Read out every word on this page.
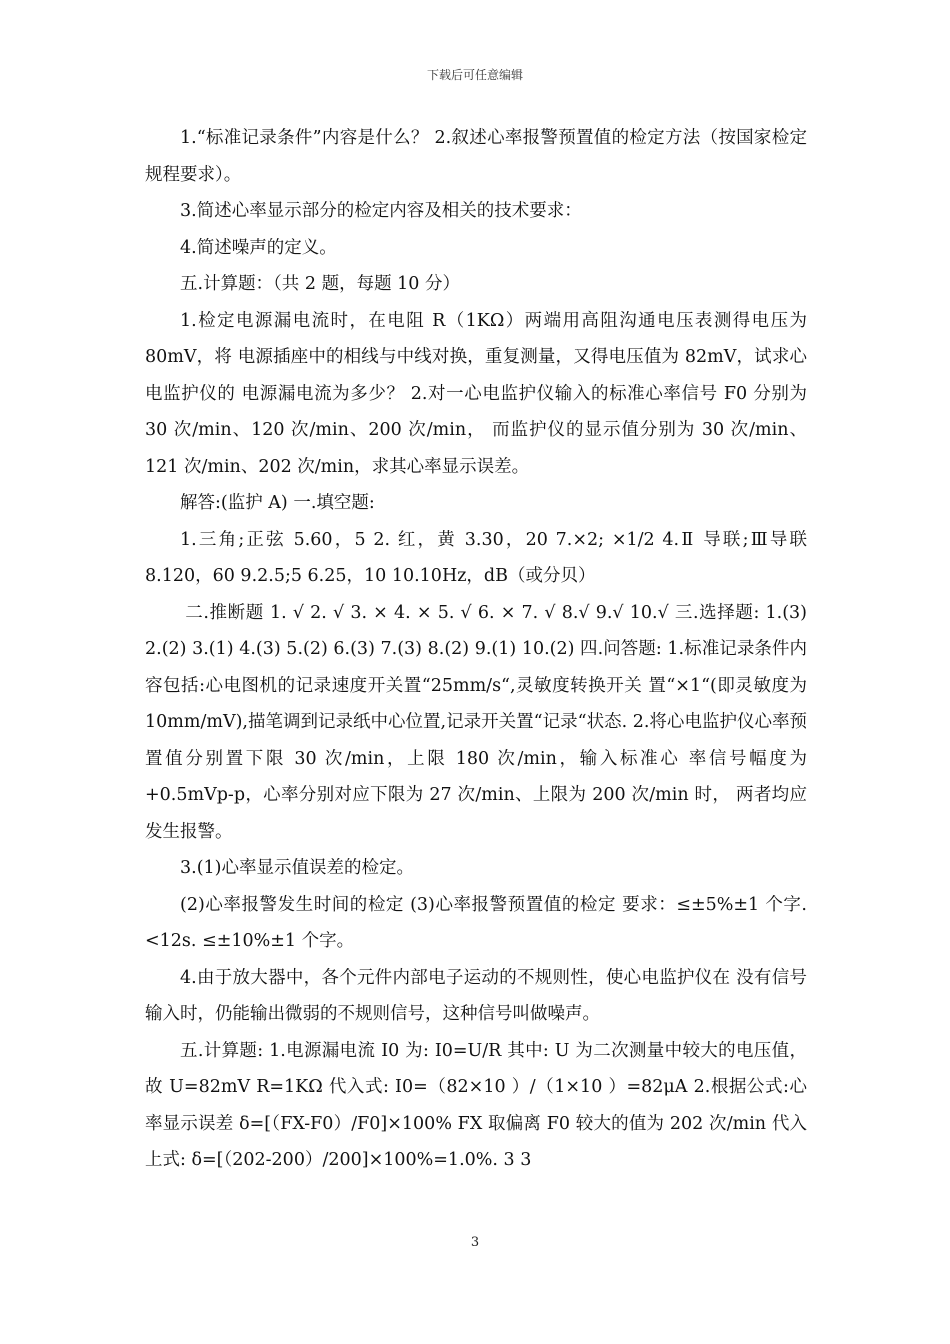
下载后可任意编辑

1.“标准记录条件”内容是什么？ 2.叙述心率报警预置值的检定方法（按国家检定规程要求）。

3.简述心率显示部分的检定内容及相关的技术要求：

4.简述噪声的定义。

五.计算题：（共 2 题，每题 10 分）

1.检定电源漏电流时，在电阻 R（1KΩ）两端用高阻沟通电压表测得电压为 80mV，将 电源插座中的相线与中线对换，重复测量，又得电压值为 82mV，试求心电监护仪的 电源漏电流为多少？ 2.对一心电监护仪输入的标准心率信号 F0 分别为 30 次/min、120 次/min、200 次/min， 而监护仪的显示值分别为 30 次/min、121 次/min、202 次/min，求其心率显示误差。

解答:(监护 A) 一.填空题:

1.三角;正弦 5.60，5 2. 红，黄 3.30，20 7.×2; ×1/2 4.Ⅱ 导联;Ⅲ导联 8.120，60 9.2.5;5 6.25，10 10.10Hz，dB（或分贝）

二.推断题 1. √ 2. √ 3. × 4. × 5. √ 6. × 7. √ 8.√ 9.√ 10.√ 三.选择题: 1.(3) 2.(2) 3.(1) 4.(3) 5.(2) 6.(3) 7.(3) 8.(2) 9.(1) 10.(2) 四.问答题: 1.标准记录条件内容包括:心电图机的记录速度开关置“25mm/s“,灵敏度转换开关 置“×1“(即灵敏度为 10mm/mV),描笔调到记录纸中心位置,记录开关置“记录“状态. 2.将心电监护仪心率预置值分别置下限 30 次/min，上限 180 次/min，输入标准心 率信号幅度为+0.5mVp-p，心率分别对应下限为 27 次/min、上限为 200 次/min 时， 两者均应发生报警。

3.(1)心率显示值误差的检定。

(2)心率报警发生时间的检定 (3)心率报警预置值的检定 要求：≤±5%±1 个字. <12s. ≤±10%±1 个字。

4.由于放大器中，各个元件内部电子运动的不规则性，使心电监护仪在 没有信号输入时，仍能输出微弱的不规则信号，这种信号叫做噪声。

五.计算题: 1.电源漏电流 I0 为: I0=U/R 其中: U 为二次测量中较大的电压值，故 U=82mV R=1KΩ 代入式: I0=（82×10 ）/（1×10 ）=82μA 2.根据公式:心率显示误差 δ=[（FX-F0）/F0]×100% FX 取偏离 F0 较大的值为 202 次/min 代入上式: δ=[（202-200）/200]×100%=1.0%. 3 3

3
